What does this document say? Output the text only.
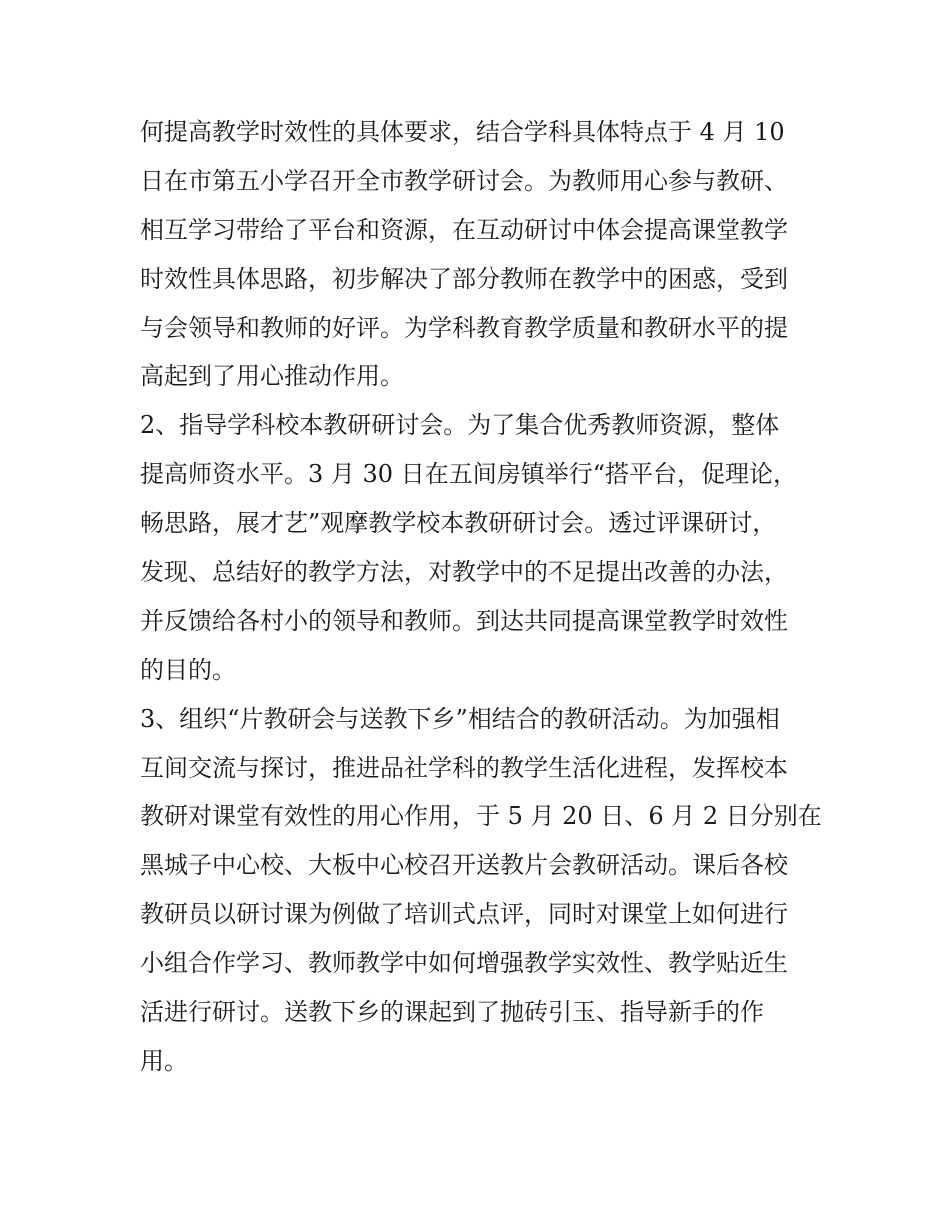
何提高教学时效性的具体要求，结合学科具体特点于 4 月 10
日在市第五小学召开全市教学研讨会。为教师用心参与教研、
相互学习带给了平台和资源，在互动研讨中体会提高课堂教学
时效性具体思路，初步解决了部分教师在教学中的困惑，受到
与会领导和教师的好评。为学科教育教学质量和教研水平的提
高起到了用心推动作用。
2、指导学科校本教研研讨会。为了集合优秀教师资源，整体
提高师资水平。3 月 30 日在五间房镇举行“搭平台，促理论，
畅思路，展才艺”观摩教学校本教研研讨会。透过评课研讨，
发现、总结好的教学方法，对教学中的不足提出改善的办法，
并反馈给各村小的领导和教师。到达共同提高课堂教学时效性
的目的。
3、组织“片教研会与送教下乡”相结合的教研活动。为加强相
互间交流与探讨，推进品社学科的教学生活化进程，发挥校本
教研对课堂有效性的用心作用，于 5 月 20 日、6 月 2 日分别在
黑城子中心校、大板中心校召开送教片会教研活动。课后各校
教研员以研讨课为例做了培训式点评，同时对课堂上如何进行
小组合作学习、教师教学中如何增强教学实效性、教学贴近生
活进行研讨。送教下乡的课起到了抛砖引玉、指导新手的作
用。
